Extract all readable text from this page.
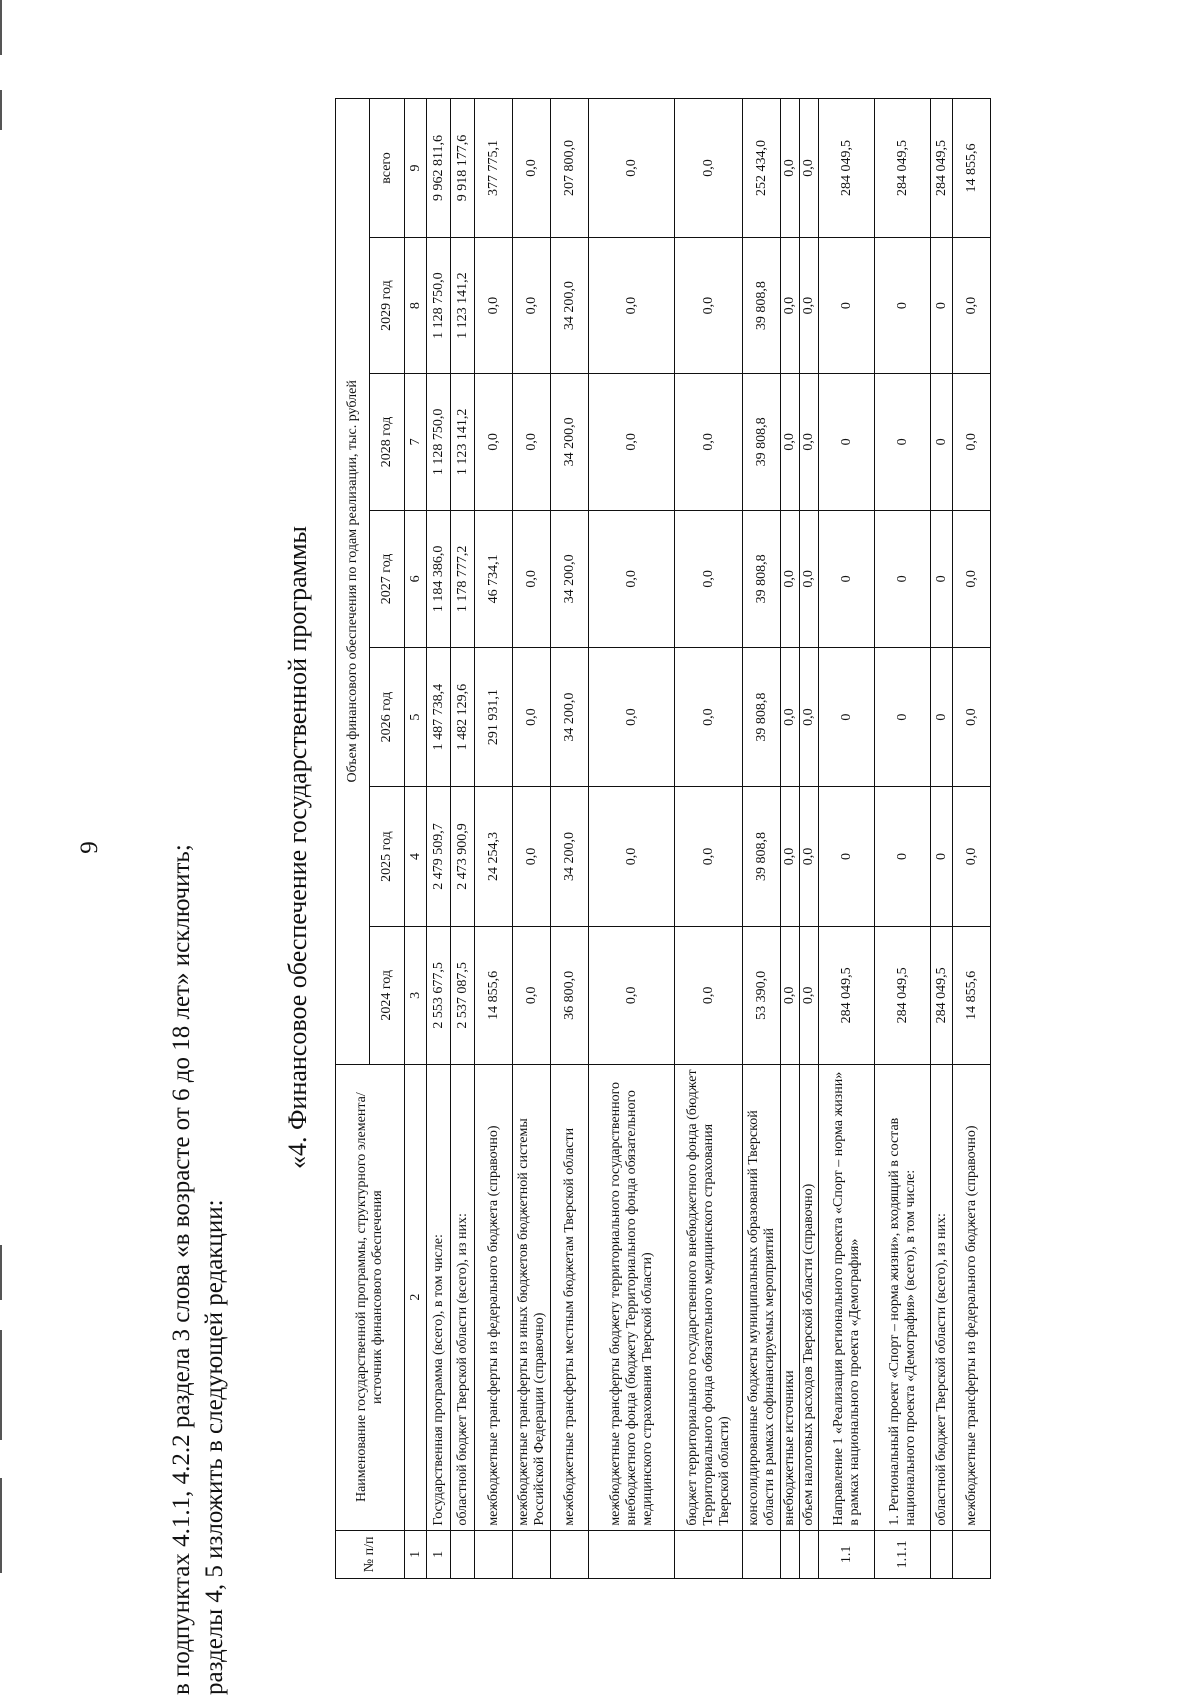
9	в подпунктах 4.1.1, 4.2.2 раздела 3 слова «в возрасте от 6 до 18 лет» исключить; разделы 4, 5 изложить в следующей редакции:
«4. Финансовое обеспечение государственной программы
№ п/п	Наименование государственной программы, структурного элемента/источник финансового обеспечения	Объем финансового обеспечения по годам реализации, тыс. рублей						
		2024 год	2025 год	2026 год	2027 год	2028 год	2029 год	всего
1	2	3	4	5	6	7	8	9
1	Государственная программа (всего), в том числе:	2 553 677,5	2 479 509,7	1 487 738,4	1 184 386,0	1 128 750,0	1 128 750,0	9 962 811,6
	областной бюджет Тверской области (всего), из них:	2 537 087,5	2 473 900,9	1 482 129,6	1 178 777,2	1 123 141,2	1 123 141,2	9 918 177,6
	межбюджетные трансферты из федерального бюджета (справочно)	14 855,6	24 254,3	291 931,1	46 734,1	0,0	0,0	377 775,1
	межбюджетные трансферты из иных бюджетов бюджетной системы Российской Федерации (справочно)	0,0	0,0	0,0	0,0	0,0	0,0	0,0
	межбюджетные трансферты местным бюджетам Тверской области	36 800,0	34 200,0	34 200,0	34 200,0	34 200,0	34 200,0	207 800,0
	межбюджетные трансферты бюджету территориального государственного внебюджетного фонда (бюджету Территориального фонда обязательного медицинского страхования Тверской области)	0,0	0,0	0,0	0,0	0,0	0,0	0,0
	бюджет территориального государственного внебюджетного фонда (бюджет Территориального фонда обязательного медицинского страхования Тверской области)	0,0	0,0	0,0	0,0	0,0	0,0	0,0
	консолидированные бюджеты муниципальных образований Тверской области в рамках софинансируемых мероприятий	53 390,0	39 808,8	39 808,8	39 808,8	39 808,8	39 808,8	252 434,0
	внебюджетные источники	0,0	0,0	0,0	0,0	0,0	0,0	0,0
	объем налоговых расходов Тверской области (справочно)	0,0	0,0	0,0	0,0	0,0	0,0	0,0
1.1	Направление 1 «Реализация регионального проекта «Спорт – норма жизни» в рамках национального проекта «Демография»	284 049,5	0	0	0	0	0	284 049,5
1.1.1	1. Региональный проект «Спорт – норма жизни», входящий в состав национального проекта «Демография» (всего), в том числе:	284 049,5	0	0	0	0	0	284 049,5
	областной бюджет Тверской области (всего), из них:	284 049,5	0	0	0	0	0	284 049,5
	межбюджетные трансферты из федерального бюджета (справочно)	14 855,6	0,0	0,0	0,0	0,0	0,0	14 855,6
